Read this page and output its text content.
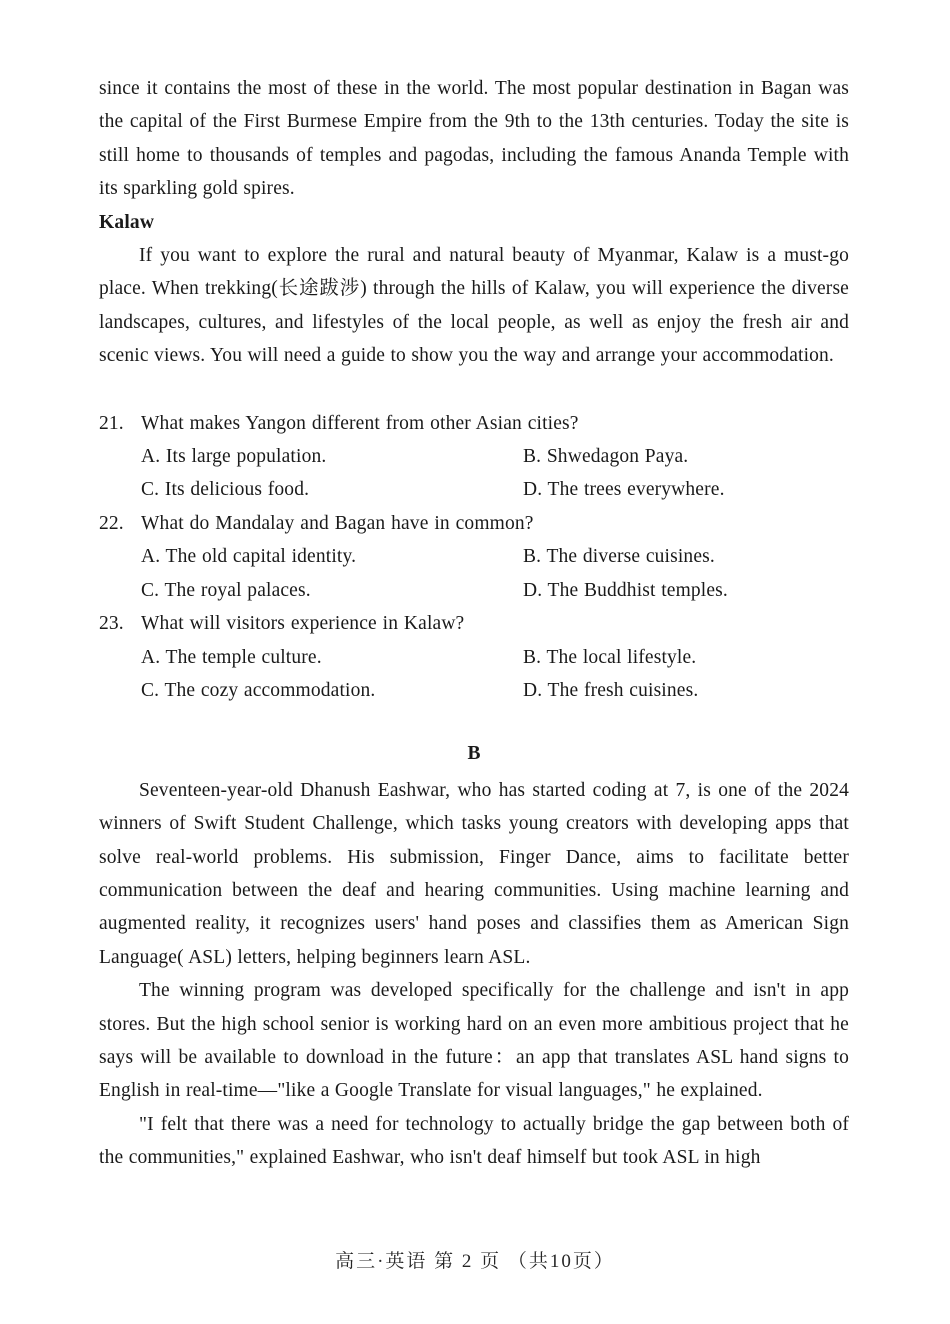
since it contains the most of these in the world. The most popular destination in Bagan was the capital of the First Burmese Empire from the 9th to the 13th centuries. Today the site is still home to thousands of temples and pagodas, including the famous Ananda Temple with its sparkling gold spires.

Kalaw

If you want to explore the rural and natural beauty of Myanmar, Kalaw is a must-go place. When trekking(长途跋涉) through the hills of Kalaw, you will experience the diverse landscapes, cultures, and lifestyles of the local people, as well as enjoy the fresh air and scenic views. You will need a guide to show you the way and arrange your accommodation.

21. What makes Yangon different from other Asian cities?
A. Its large population.	B. Shwedagon Paya.
C. Its delicious food.	D. The trees everywhere.
22. What do Mandalay and Bagan have in common?
A. The old capital identity.	B. The diverse cuisines.
C. The royal palaces.	D. The Buddhist temples.
23. What will visitors experience in Kalaw?
A. The temple culture.	B. The local lifestyle.
C. The cozy accommodation.	D. The fresh cuisines.

B

Seventeen-year-old Dhanush Eashwar, who has started coding at 7, is one of the 2024 winners of Swift Student Challenge, which tasks young creators with developing apps that solve real-world problems. His submission, Finger Dance, aims to facilitate better communication between the deaf and hearing communities. Using machine learning and augmented reality, it recognizes users' hand poses and classifies them as American Sign Language( ASL) letters, helping beginners learn ASL.

The winning program was developed specifically for the challenge and isn't in app stores. But the high school senior is working hard on an even more ambitious project that he says will be available to download in the future：an app that translates ASL hand signs to English in real-time—"like a Google Translate for visual languages," he explained.

"I felt that there was a need for technology to actually bridge the gap between both of the communities," explained Eashwar, who isn't deaf himself but took ASL in high

高三·英语 第 2 页 （共10页）
